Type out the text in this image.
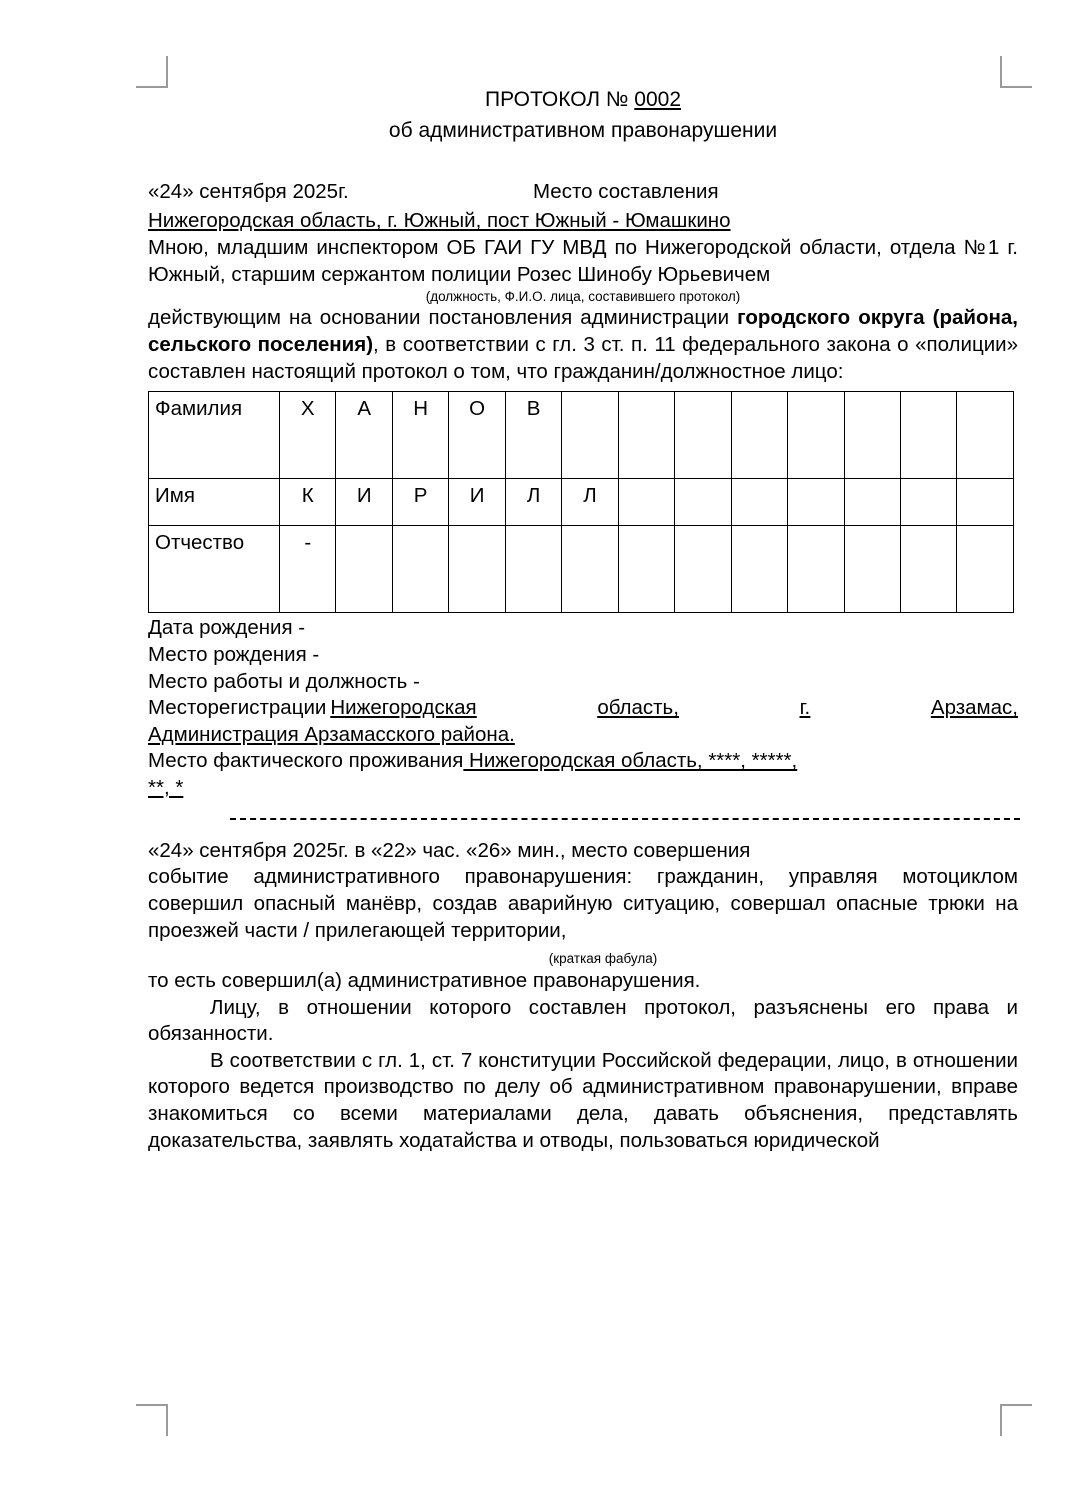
ПРОТОКОЛ № 0002
об административном правонарушении
«24» сентября 2025г.	Место составления
Нижегородская область, г. Южный, пост Южный - Юмашкино

Мною, младшим инспектором ОБ ГАИ ГУ МВД по Нижегородской области, отдела №1 г. Южный, старшим сержантом полиции Розес Шинобу Юрьевичем

(должность, Ф.И.О. лица, составившего протокол)

действующим на основании постановления администрации городского округа (района, сельского поселения), в соответствии с гл. 3 ст. п. 11 федерального закона о «полиции» составлен настоящий протокол о том, что гражданин/должностное лицо:

Фамилия	Х	А	Н	О	В								
Имя	К	И	Р	И	Л	Л							
Отчество	-												
Дата рождения -
Место рождения -
Место работы и должность -
Место регистрации Нижегородская	область,	г.	Арзамас,
Администрация Арзамасского района.
Место фактического проживания Нижегородская область, ****, *****,
**, *
«24» сентября 2025г. в «22» час. «26» мин., место совершения

событие административного правонарушения: гражданин, управляя мотоциклом совершил опасный манёвр, создав аварийную ситуацию, совершал опасные трюки на проезжей части / прилегающей территории,

(краткая фабула)

то есть совершил(а) административное правонарушения.

Лицу, в отношении которого составлен протокол, разъяснены его права и обязанности.

В соответствии с гл. 1, ст. 7 конституции Российской федерации, лицо, в отношении которого ведется производство по делу об административном правонарушении, вправе знакомиться со всеми материалами дела, давать объяснения, представлять доказательства, заявлять ходатайства и отводы, пользоваться юридической
